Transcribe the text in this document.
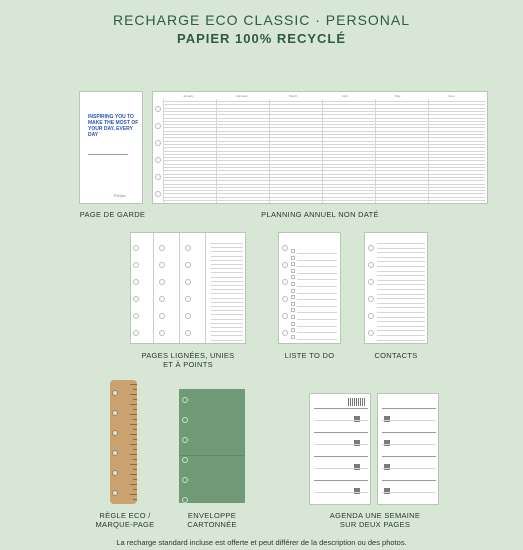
RECHARGE ECO CLASSIC · PERSONAL
PAPIER 100% RECYCLÉ
INSPIRING YOU TO MAKE THE MOST OF YOUR DAY, EVERY DAY
Filofax
January	February	March	April	May	June
PAGE DE GARDE	PLANNING ANNUEL NON DATÉ
PAGES LIGNÉES, UNIES
ET À POINTS
LISTE TO DO	CONTACTS
RÈGLE ECO /
MARQUE-PAGE
ENVELOPPE
CARTONNÉE
AGENDA UNE SEMAINE
SUR DEUX PAGES
La recharge standard incluse est offerte et peut différer de la description ou des photos.
